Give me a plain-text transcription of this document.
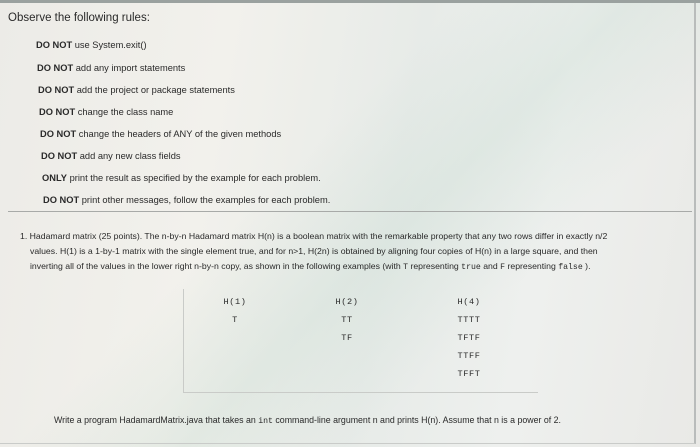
Observe the following rules:
DO NOT use System.exit()
DO NOT add any import statements
DO NOT add the project or package statements
DO NOT change the class name
DO NOT change the headers of ANY of the given methods
DO NOT add any new class fields
ONLY print the result as specified by the example for each problem.
DO NOT print other messages, follow the examples for each problem.
1. Hadamard matrix (25 points). The n-by-n Hadamard matrix H(n) is a boolean matrix with the remarkable property that any two rows differ in exactly n/2
values. H(1) is a 1-by-1 matrix with the single element true, and for n>1, H(2n) is obtained by aligning four copies of H(n) in a large square, and then
inverting all of the values in the lower right n-by-n copy, as shown in the following examples (with T representing true and F representing false ).
H(1)
T
H(2)
TT
TF
H(4)
TTTT
TFTF
TTFF
TFFT
Write a program HadamardMatrix.java that takes an int command-line argument n and prints H(n). Assume that n is a power of 2.
